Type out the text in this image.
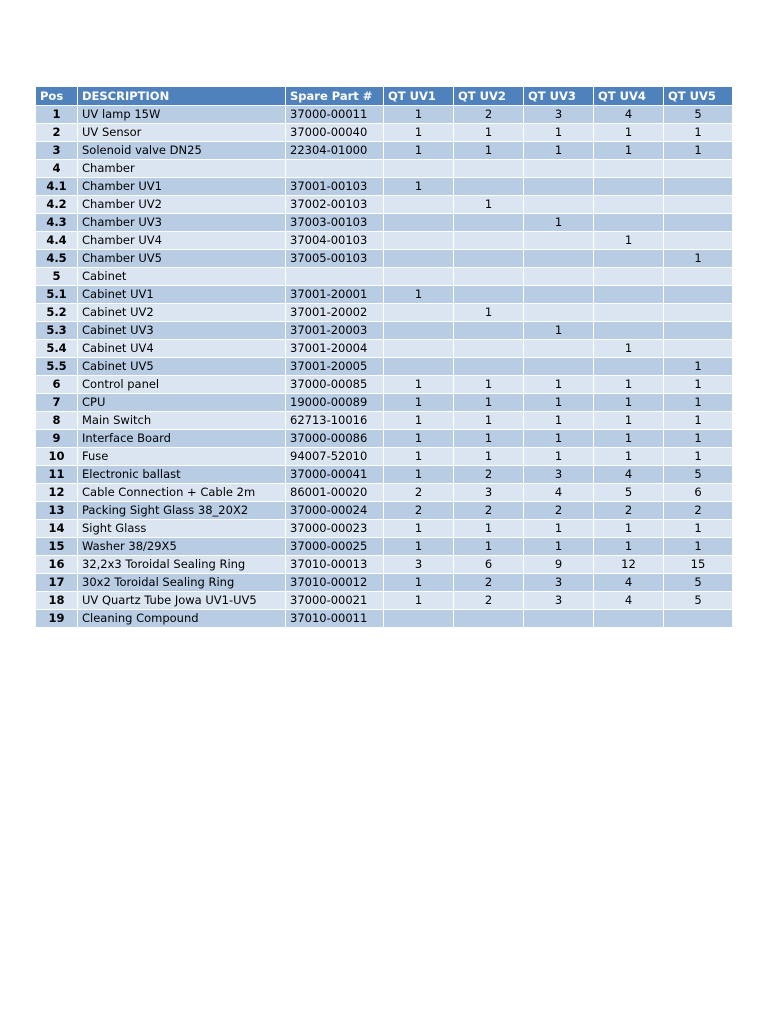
Pos	DESCRIPTION	Spare Part #	QT UV1	QT UV2	QT UV3	QT UV4	QT UV5
1	UV lamp 15W	37000-00011	1	2	3	4	5
2	UV Sensor	37000-00040	1	1	1	1	1
3	Solenoid valve DN25	22304-01000	1	1	1	1	1
4	Chamber						
4.1	Chamber UV1	37001-00103	1				
4.2	Chamber UV2	37002-00103		1			
4.3	Chamber UV3	37003-00103			1		
4.4	Chamber UV4	37004-00103				1	
4.5	Chamber UV5	37005-00103					1
5	Cabinet						
5.1	Cabinet UV1	37001-20001	1				
5.2	Cabinet UV2	37001-20002		1			
5.3	Cabinet UV3	37001-20003			1		
5.4	Cabinet UV4	37001-20004				1	
5.5	Cabinet UV5	37001-20005					1
6	Control panel	37000-00085	1	1	1	1	1
7	CPU	19000-00089	1	1	1	1	1
8	Main Switch	62713-10016	1	1	1	1	1
9	Interface Board	37000-00086	1	1	1	1	1
10	Fuse	94007-52010	1	1	1	1	1
11	Electronic ballast	37000-00041	1	2	3	4	5
12	Cable Connection + Cable 2m	86001-00020	2	3	4	5	6
13	Packing Sight Glass 38_20X2	37000-00024	2	2	2	2	2
14	Sight Glass	37000-00023	1	1	1	1	1
15	Washer 38/29X5	37000-00025	1	1	1	1	1
16	32,2x3 Toroidal Sealing Ring	37010-00013	3	6	9	12	15
17	30x2 Toroidal Sealing Ring	37010-00012	1	2	3	4	5
18	UV Quartz Tube Jowa UV1-UV5	37000-00021	1	2	3	4	5
19	Cleaning Compound	37010-00011					
